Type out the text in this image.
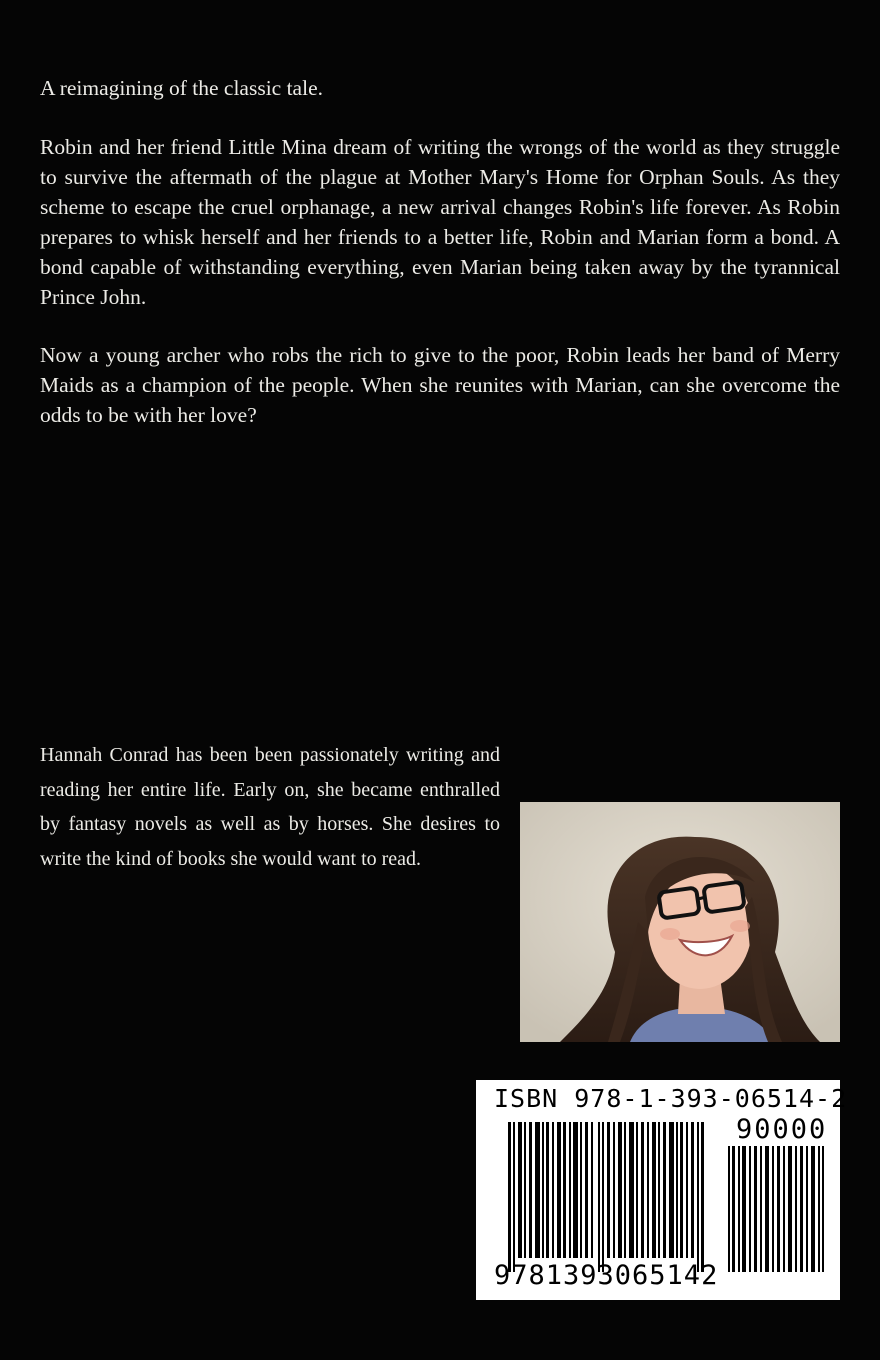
A reimagining of the classic tale.

Robin and her friend Little Mina dream of writing the wrongs of the world as they struggle to survive the aftermath of the plague at Mother Mary's Home for Orphan Souls. As they scheme to escape the cruel orphanage, a new arrival changes Robin's life forever. As Robin prepares to whisk herself and her friends to a better life, Robin and Marian form a bond. A bond capable of withstanding everything, even Marian being taken away by the tyrannical Prince John.

Now a young archer who robs the rich to give to the poor, Robin leads her band of Merry Maids as a champion of the people. When she reunites with Marian, can she overcome the odds to be with her love?

Hannah Conrad has been been passionately writing and reading her entire life. Early on, she became enthralled by fantasy novels as well as by horses. She desires to write the kind of books she would want to read.

ISBN 978-1-393-06514-2
90000
9781393065142
